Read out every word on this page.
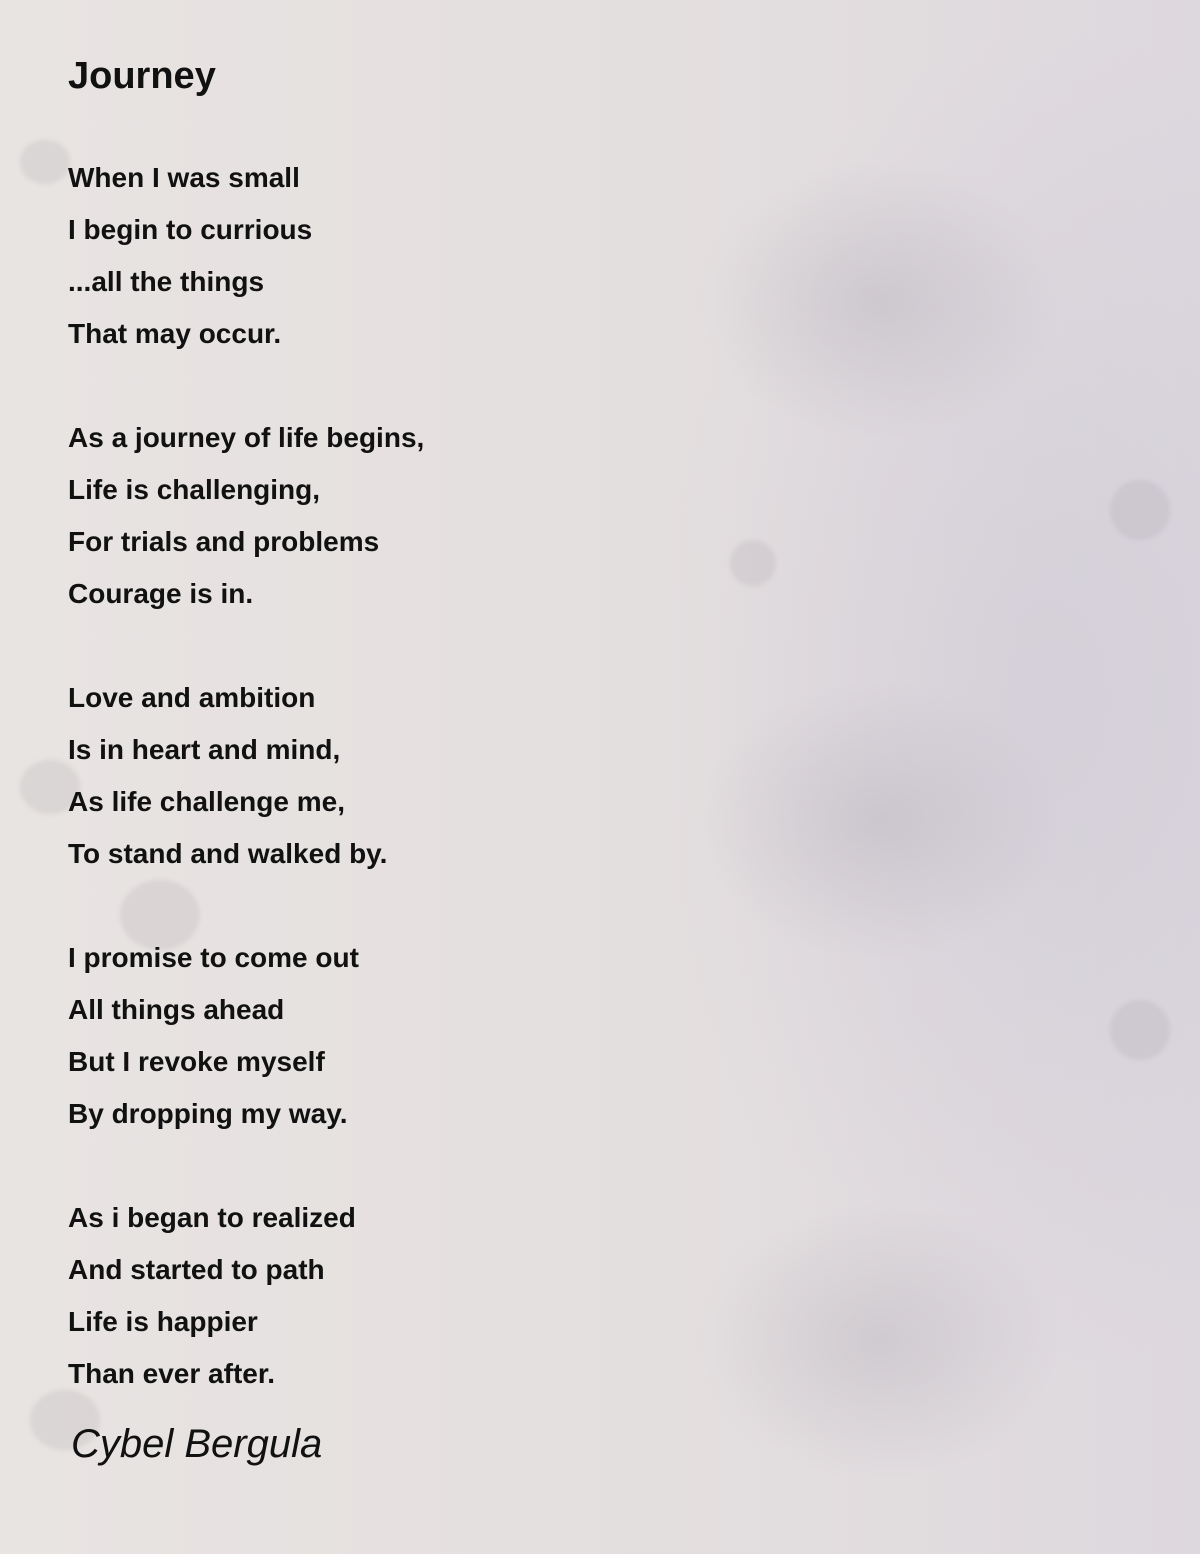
Journey
When I was small
I begin to currious
...all the things
That may occur.
As a journey of life begins,
Life is challenging,
For trials and problems
Courage is in.
Love and ambition
Is in heart and mind,
As life challenge me,
To stand and walked by.
I promise to come out
All things ahead
But I revoke myself
By dropping my way.
As i began to realized
And started to path
Life is happier
Than ever after.
Cybel Bergula
